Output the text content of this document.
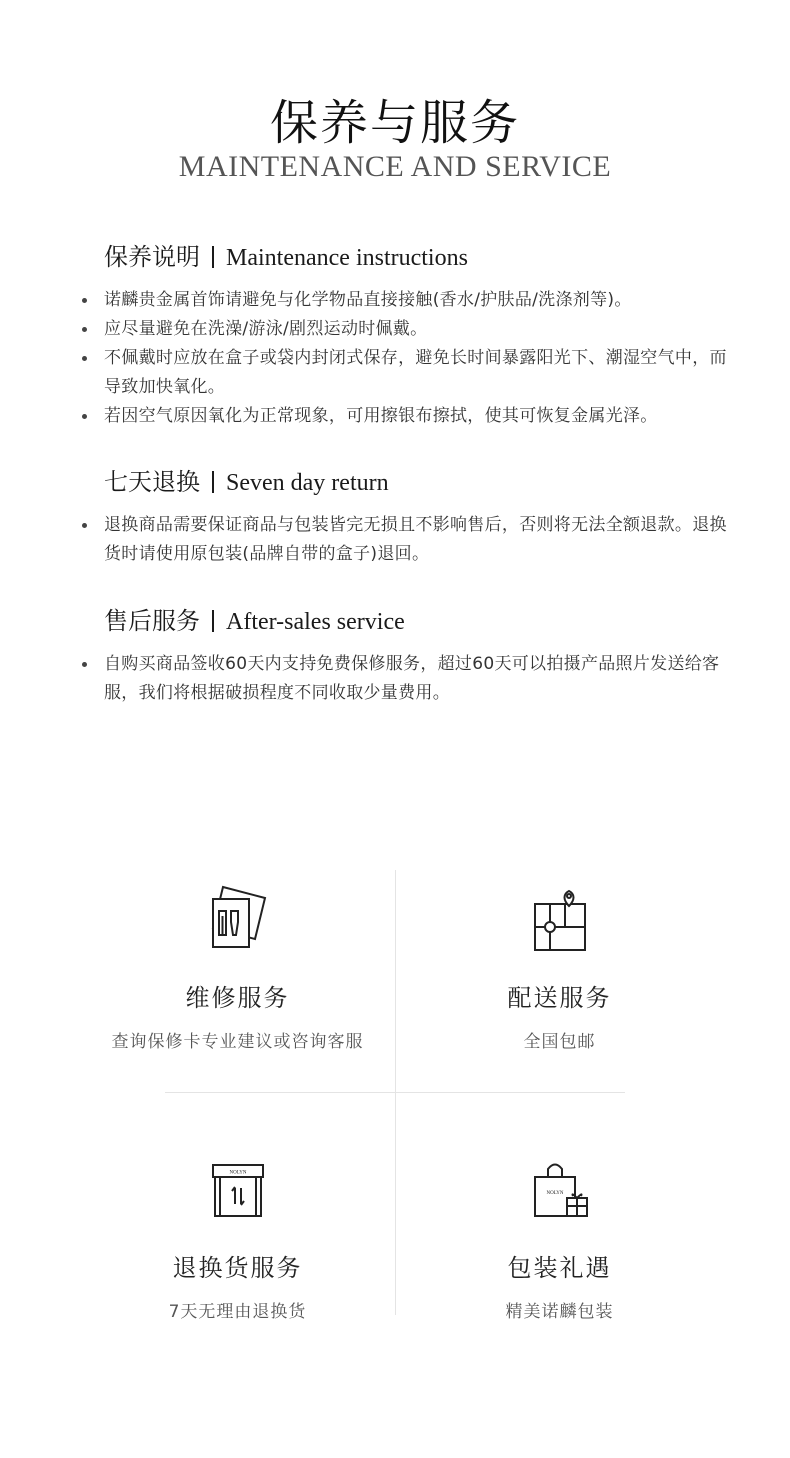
保养与服务
MAINTENANCE AND SERVICE
保养说明 Maintenance instructions
诺麟贵金属首饰请避免与化学物品直接接触(香水/护肤品/洗涤剂等)。
应尽量避免在洗澡/游泳/剧烈运动时佩戴。
不佩戴时应放在盒子或袋内封闭式保存，避免长时间暴露阳光下、潮湿空气中，而导致加快氧化。
若因空气原因氧化为正常现象，可用擦银布擦拭，使其可恢复金属光泽。
七天退换 Seven day return
退换商品需要保证商品与包装皆完无损且不影响售后，否则将无法全额退款。退换货时请使用原包装(品牌自带的盒子)退回。
售后服务 After-sales service
自购买商品签收60天内支持免费保修服务，超过60天可以拍摄产品照片发送给客服，我们将根据破损程度不同收取少量费用。
维修服务
查询保修卡专业建议或咨询客服
配送服务
全国包邮
NOLYN
退换货服务
7天无理由退换货
NOLYN
包装礼遇
精美诺麟包装
